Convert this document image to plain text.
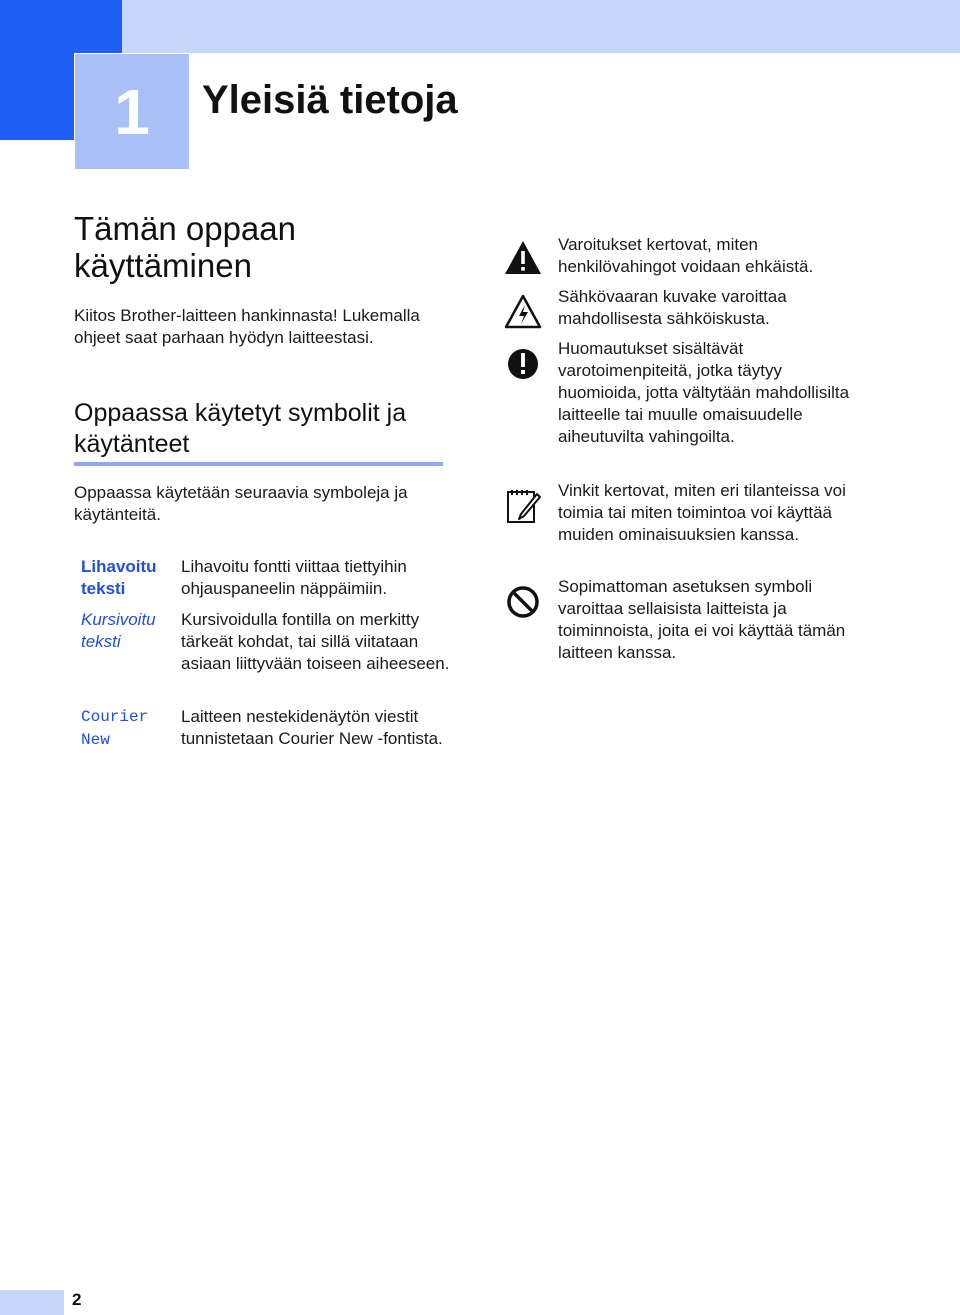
1 Yleisiä tietoja
Tämän oppaan käyttäminen

Kiitos Brother-laitteen hankinnasta! Lukemalla ohjeet saat parhaan hyödyn laitteestasi.

Oppaassa käytetyt symbolit ja käytänteet

Oppaassa käytetään seuraavia symboleja ja käytänteitä.

Lihavoitu teksti

Lihavoitu fontti viittaa tiettyihin ohjauspaneelin näppäimiin.

Kursivoitu teksti

Kursivoidulla fontilla on merkitty tärkeät kohdat, tai sillä viitataan asiaan liittyvään toiseen aiheeseen.

Courier New

Laitteen nestekidenäytön viestit tunnistetaan Courier New -fontista.

Varoitukset kertovat, miten henkilövahingot voidaan ehkäistä.

Sähkövaaran kuvake varoittaa mahdollisesta sähköiskusta.

Huomautukset sisältävät varotoimenpiteitä, jotka täytyy huomioida, jotta vältytään mahdollisilta laitteelle tai muulle omaisuudelle aiheutuvilta vahingoilta.

Vinkit kertovat, miten eri tilanteissa voi toimia tai miten toimintoa voi käyttää muiden ominaisuuksien kanssa.

Sopimattoman asetuksen symboli varoittaa sellaisista laitteista ja toiminnoista, joita ei voi käyttää tämän laitteen kanssa.

2
